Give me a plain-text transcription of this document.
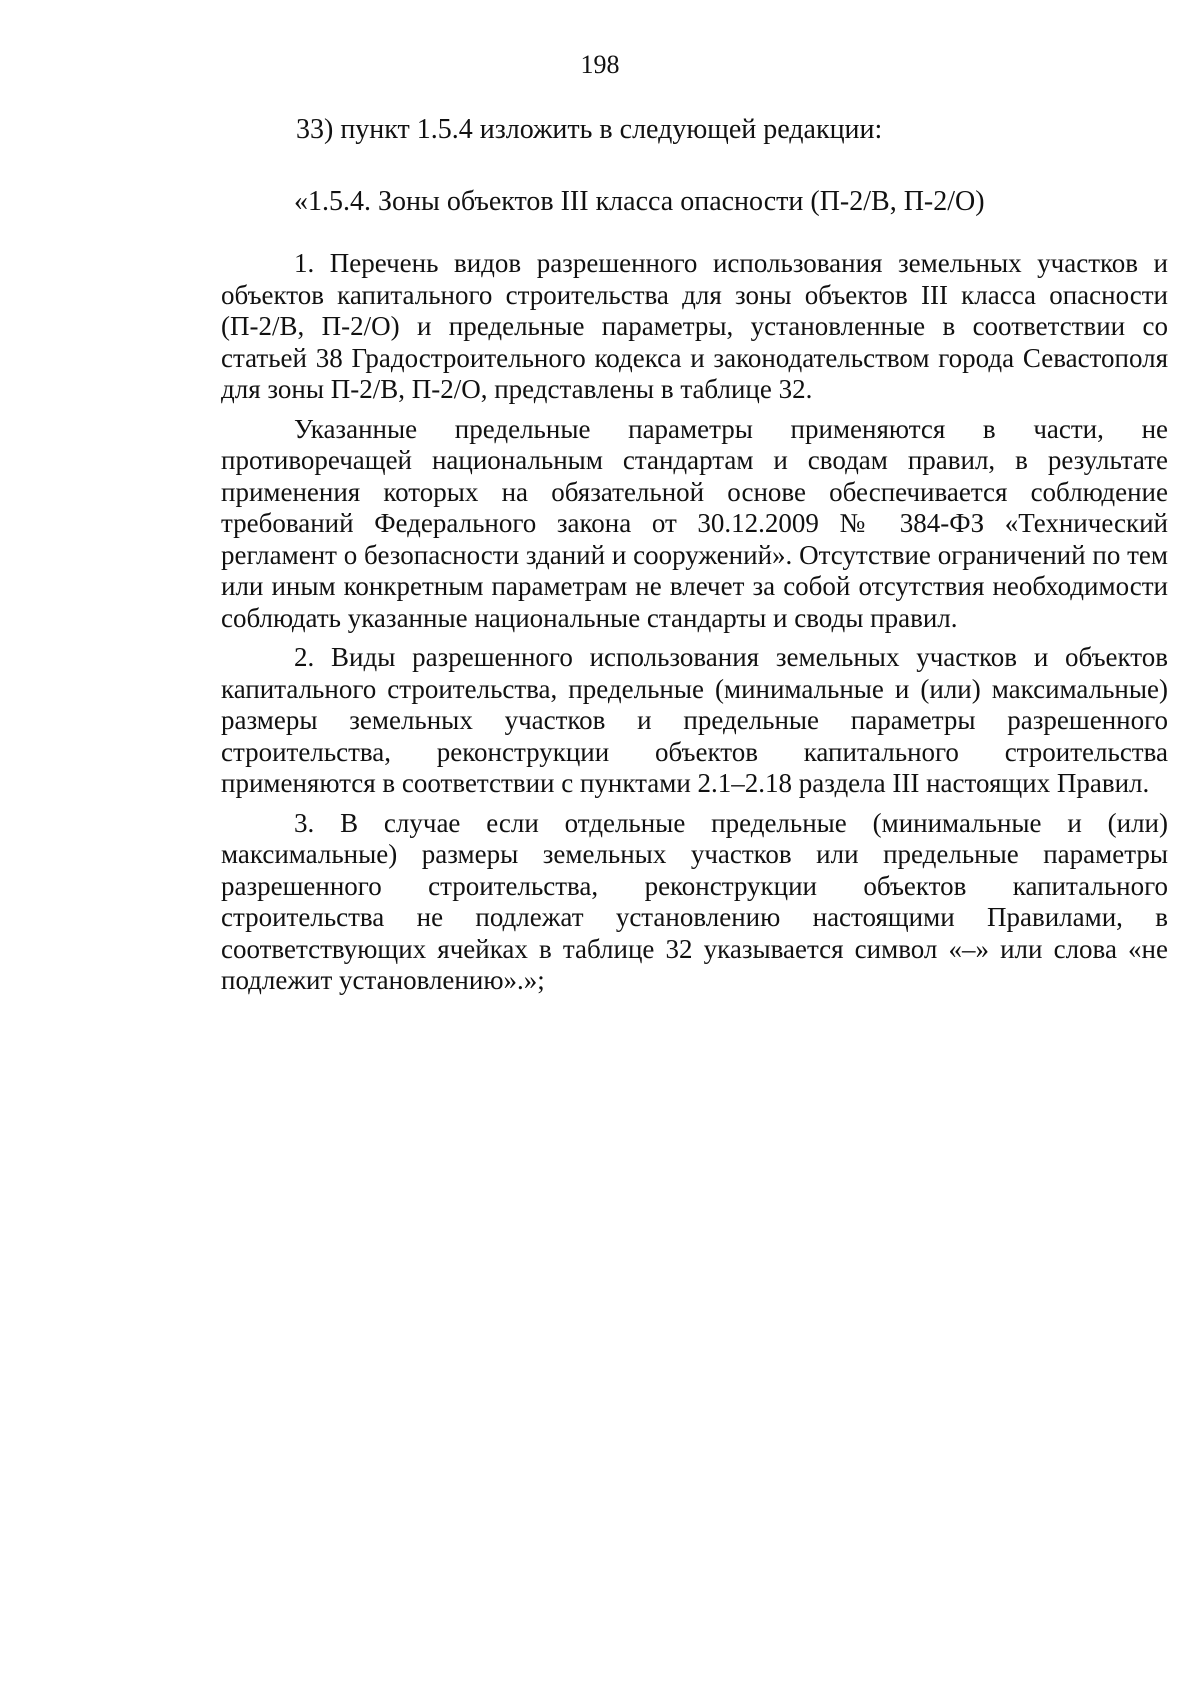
198
33) пункт 1.5.4 изложить в следующей редакции:
«1.5.4. Зоны объектов III класса опасности (П-2/В, П-2/О)

1. Перечень видов разрешенного использования земельных участков и объектов капитального строительства для зоны объектов III класса опасности (П-2/В, П-2/О) и предельные параметры, установленные в соответствии со статьей 38 Градостроительного кодекса и законодательством города Севастополя для зоны П-2/В, П-2/О, представлены в таблице 32.

Указанные предельные параметры применяются в части, не противоречащей национальным стандартам и сводам правил, в результате применения которых на обязательной основе обеспечивается соблюдение требований Федерального закона от 30.12.2009 № 384-ФЗ «Технический регламент о безопасности зданий и сооружений». Отсутствие ограничений по тем или иным конкретным параметрам не влечет за собой отсутствия необходимости соблюдать указанные национальные стандарты и своды правил.

2. Виды разрешенного использования земельных участков и объектов капитального строительства, предельные (минимальные и (или) максимальные) размеры земельных участков и предельные параметры разрешенного строительства, реконструкции объектов капитального строительства применяются в соответствии с пунктами 2.1–2.18 раздела III настоящих Правил.

3. В случае если отдельные предельные (минимальные и (или) максимальные) размеры земельных участков или предельные параметры разрешенного строительства, реконструкции объектов капитального строительства не подлежат установлению настоящими Правилами, в соответствующих ячейках в таблице 32 указывается символ «–» или слова «не подлежит установлению».»;
